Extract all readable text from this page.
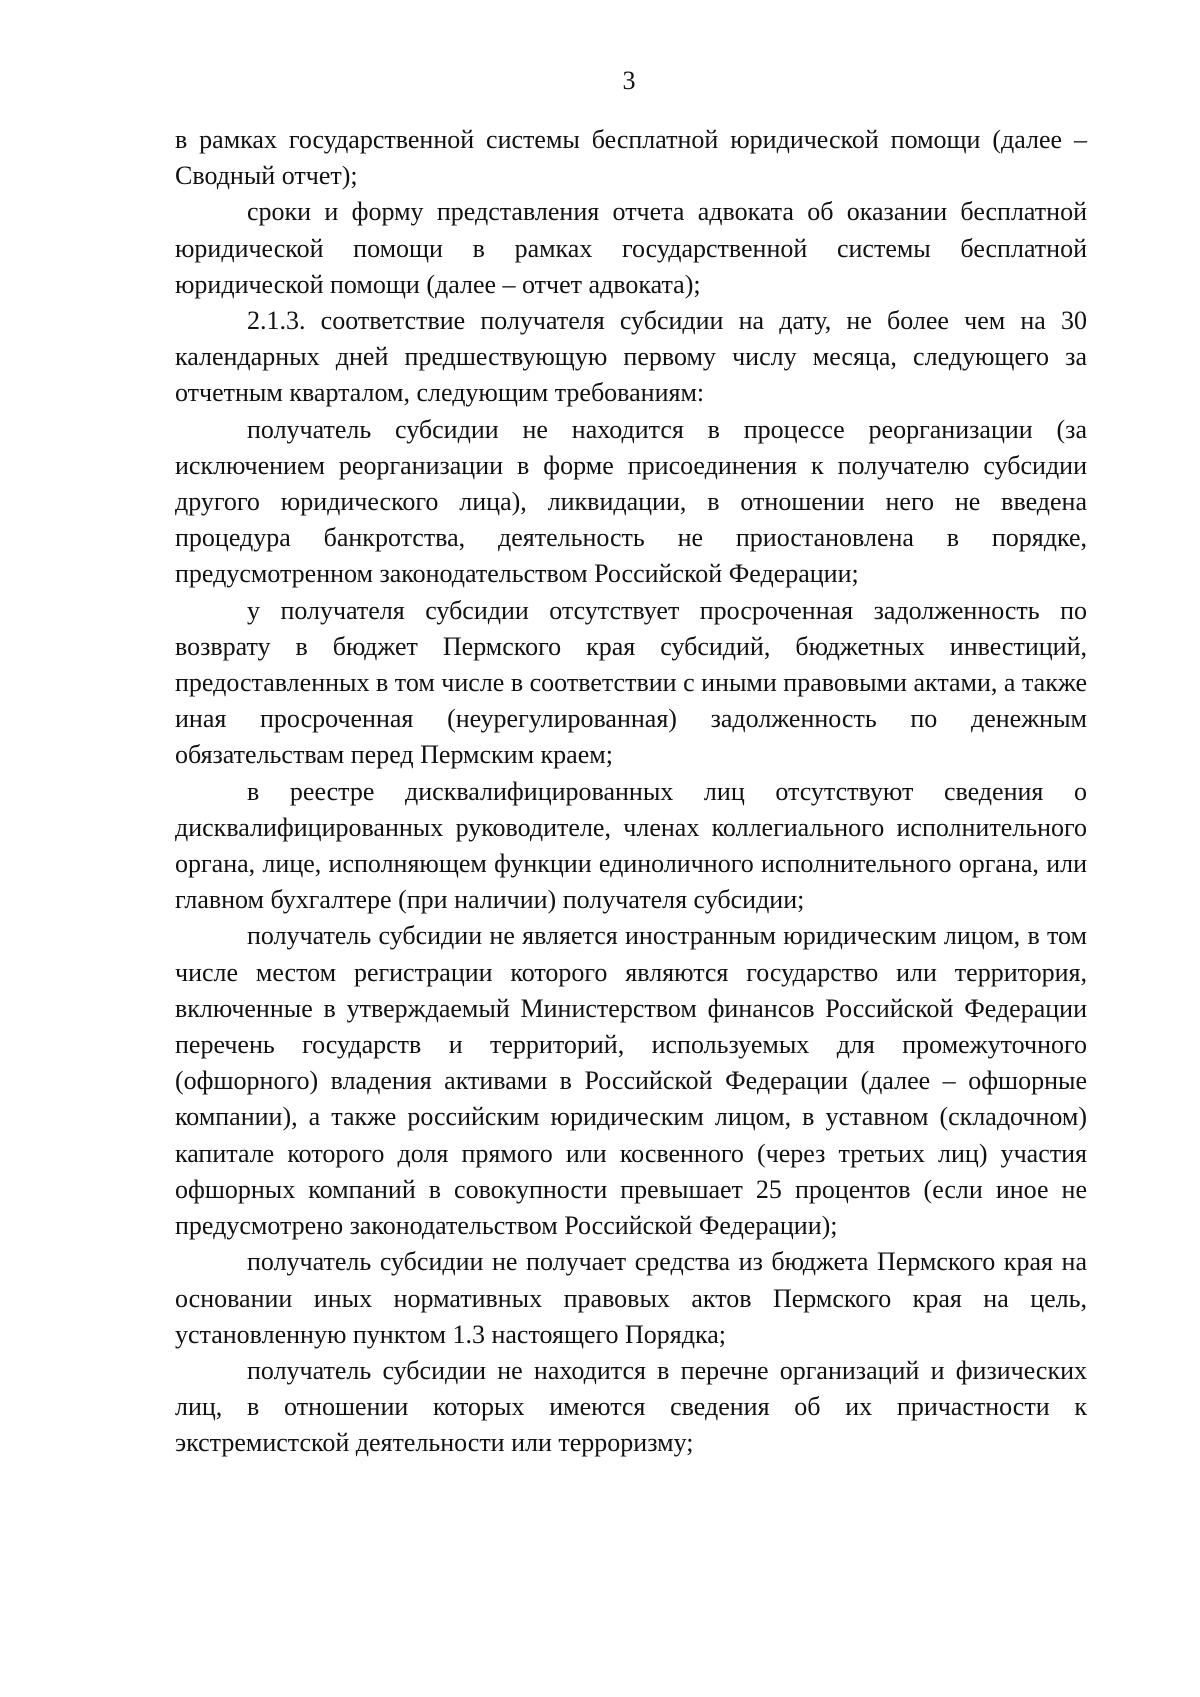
3

в рамках государственной системы бесплатной юридической помощи (далее – Сводный отчет);

сроки и форму представления отчета адвоката об оказании бесплатной юридической помощи в рамках государственной системы бесплатной юридической помощи (далее – отчет адвоката);

2.1.3. соответствие получателя субсидии на дату, не более чем на 30 календарных дней предшествующую первому числу месяца, следующего за отчетным кварталом, следующим требованиям:

получатель субсидии не находится в процессе реорганизации (за исключением реорганизации в форме присоединения к получателю субсидии другого юридического лица), ликвидации, в отношении него не введена процедура банкротства, деятельность не приостановлена в порядке, предусмотренном законодательством Российской Федерации;

у получателя субсидии отсутствует просроченная задолженность по возврату в бюджет Пермского края субсидий, бюджетных инвестиций, предоставленных в том числе в соответствии с иными правовыми актами, а также иная просроченная (неурегулированная) задолженность по денежным обязательствам перед Пермским краем;

в реестре дисквалифицированных лиц отсутствуют сведения о дисквалифицированных руководителе, членах коллегиального исполнительного органа, лице, исполняющем функции единоличного исполнительного органа, или главном бухгалтере (при наличии) получателя субсидии;

получатель субсидии не является иностранным юридическим лицом, в том числе местом регистрации которого являются государство или территория, включенные в утверждаемый Министерством финансов Российской Федерации перечень государств и территорий, используемых для промежуточного (офшорного) владения активами в Российской Федерации (далее – офшорные компании), а также российским юридическим лицом, в уставном (складочном) капитале которого доля прямого или косвенного (через третьих лиц) участия офшорных компаний в совокупности превышает 25 процентов (если иное не предусмотрено законодательством Российской Федерации);

получатель субсидии не получает средства из бюджета Пермского края на основании иных нормативных правовых актов Пермского края на цель, установленную пунктом 1.3 настоящего Порядка;

получатель субсидии не находится в перечне организаций и физических лиц, в отношении которых имеются сведения об их причастности к экстремистской деятельности или терроризму;
